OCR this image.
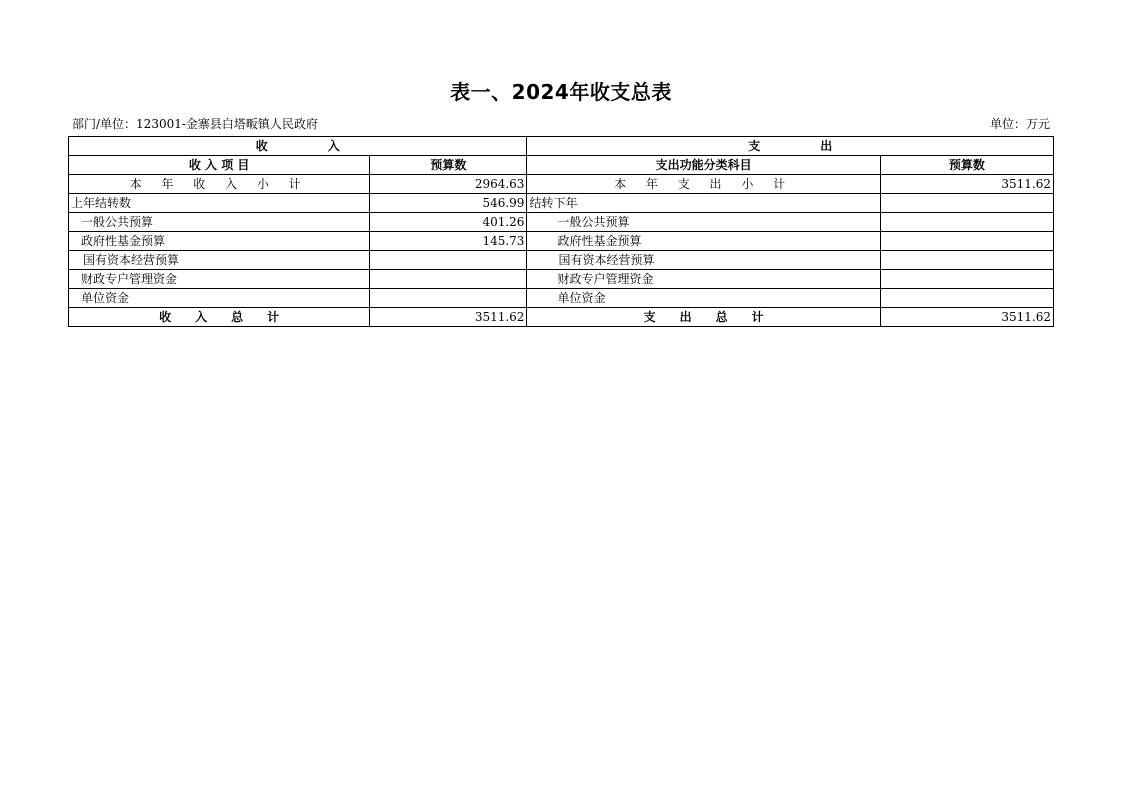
表一、2024年收支总表
部门/单位：123001-金寨县白塔畈镇人民政府	单位：万元
收　　　　　入		支　　　　　出	
收 入 项 目	预算数	支出功能分类科目	预算数
本 年 收 入 小 计	2964.63	本 年 支 出 小 计	3511.62
上年结转数	546.99	结转下年	
一般公共预算	401.26	一般公共预算	
政府性基金预算	145.73	政府性基金预算	
国有资本经营预算		国有资本经营预算	
财政专户管理资金		财政专户管理资金	
单位资金		单位资金	
收　　入　　总　　计	3511.62	支　　出　　总　　计	3511.62
